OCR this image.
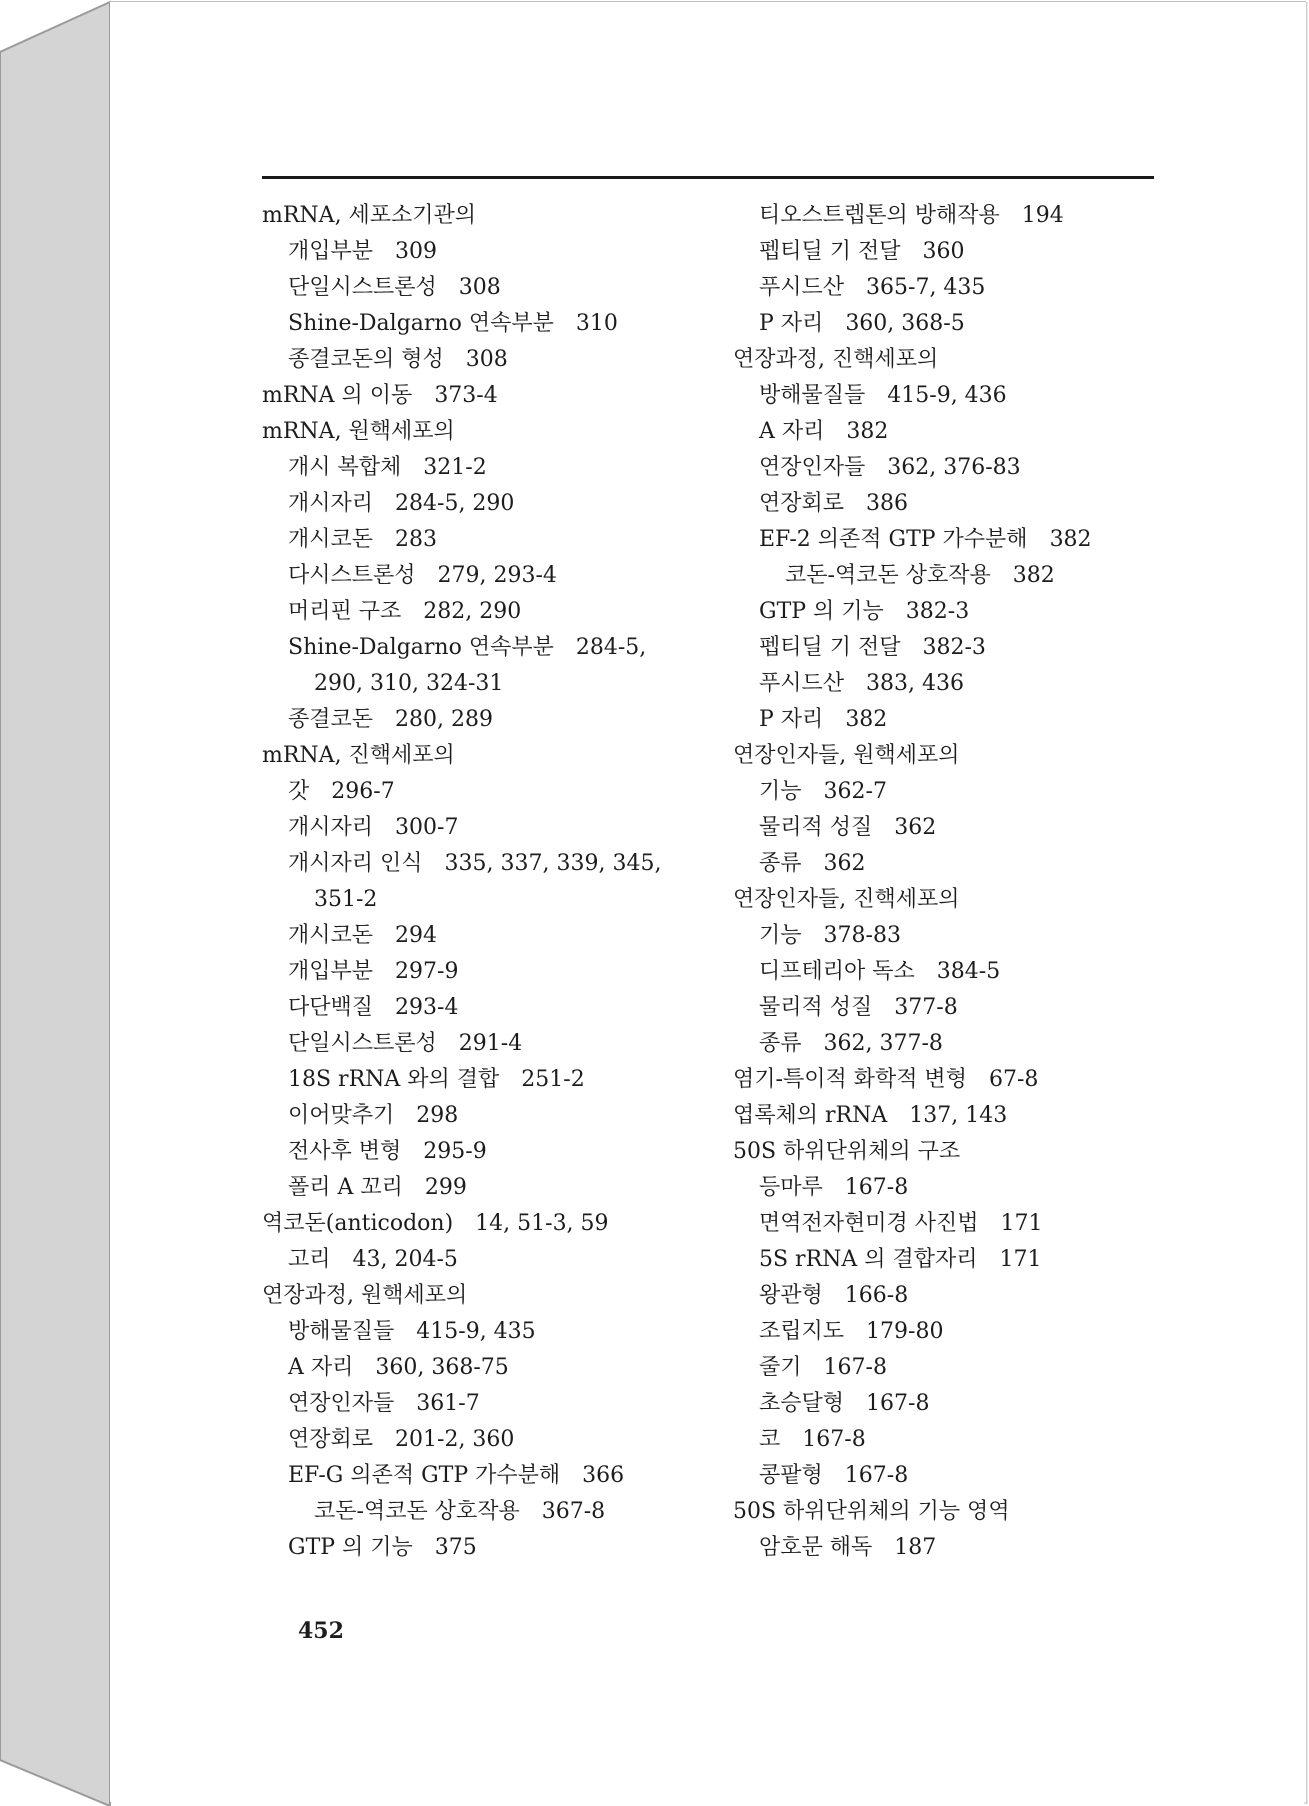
mRNA, 세포소기관의
개입부분 309
단일시스트론성 308
Shine-Dalgarno 연속부분 310
종결코돈의 형성 308
mRNA 의 이동 373-4
mRNA, 원핵세포의
개시 복합체 321-2
개시자리 284-5, 290
개시코돈 283
다시스트론성 279, 293-4
머리핀 구조 282, 290
Shine-Dalgarno 연속부분 284-5,
290, 310, 324-31
종결코돈 280, 289
mRNA, 진핵세포의
갓 296-7
개시자리 300-7
개시자리 인식 335, 337, 339, 345,
351-2
개시코돈 294
개입부분 297-9
다단백질 293-4
단일시스트론성 291-4
18S rRNA 와의 결합 251-2
이어맞추기 298
전사후 변형 295-9
폴리 A 꼬리 299
역코돈(anticodon) 14, 51-3, 59
고리 43, 204-5
연장과정, 원핵세포의
방해물질들 415-9, 435
A 자리 360, 368-75
연장인자들 361-7
연장회로 201-2, 360
EF-G 의존적 GTP 가수분해 366
코돈-역코돈 상호작용 367-8
GTP 의 기능 375
티오스트렙톤의 방해작용 194
펩티딜 기 전달 360
푸시드산 365-7, 435
P 자리 360, 368-5
연장과정, 진핵세포의
방해물질들 415-9, 436
A 자리 382
연장인자들 362, 376-83
연장회로 386
EF-2 의존적 GTP 가수분해 382
코돈-역코돈 상호작용 382
GTP 의 기능 382-3
펩티딜 기 전달 382-3
푸시드산 383, 436
P 자리 382
연장인자들, 원핵세포의
기능 362-7
물리적 성질 362
종류 362
연장인자들, 진핵세포의
기능 378-83
디프테리아 독소 384-5
물리적 성질 377-8
종류 362, 377-8
염기-특이적 화학적 변형 67-8
엽록체의 rRNA 137, 143
50S 하위단위체의 구조
등마루 167-8
면역전자현미경 사진법 171
5S rRNA 의 결합자리 171
왕관형 166-8
조립지도 179-80
줄기 167-8
초승달형 167-8
코 167-8
콩팥형 167-8
50S 하위단위체의 기능 영역
암호문 해독 187
452
